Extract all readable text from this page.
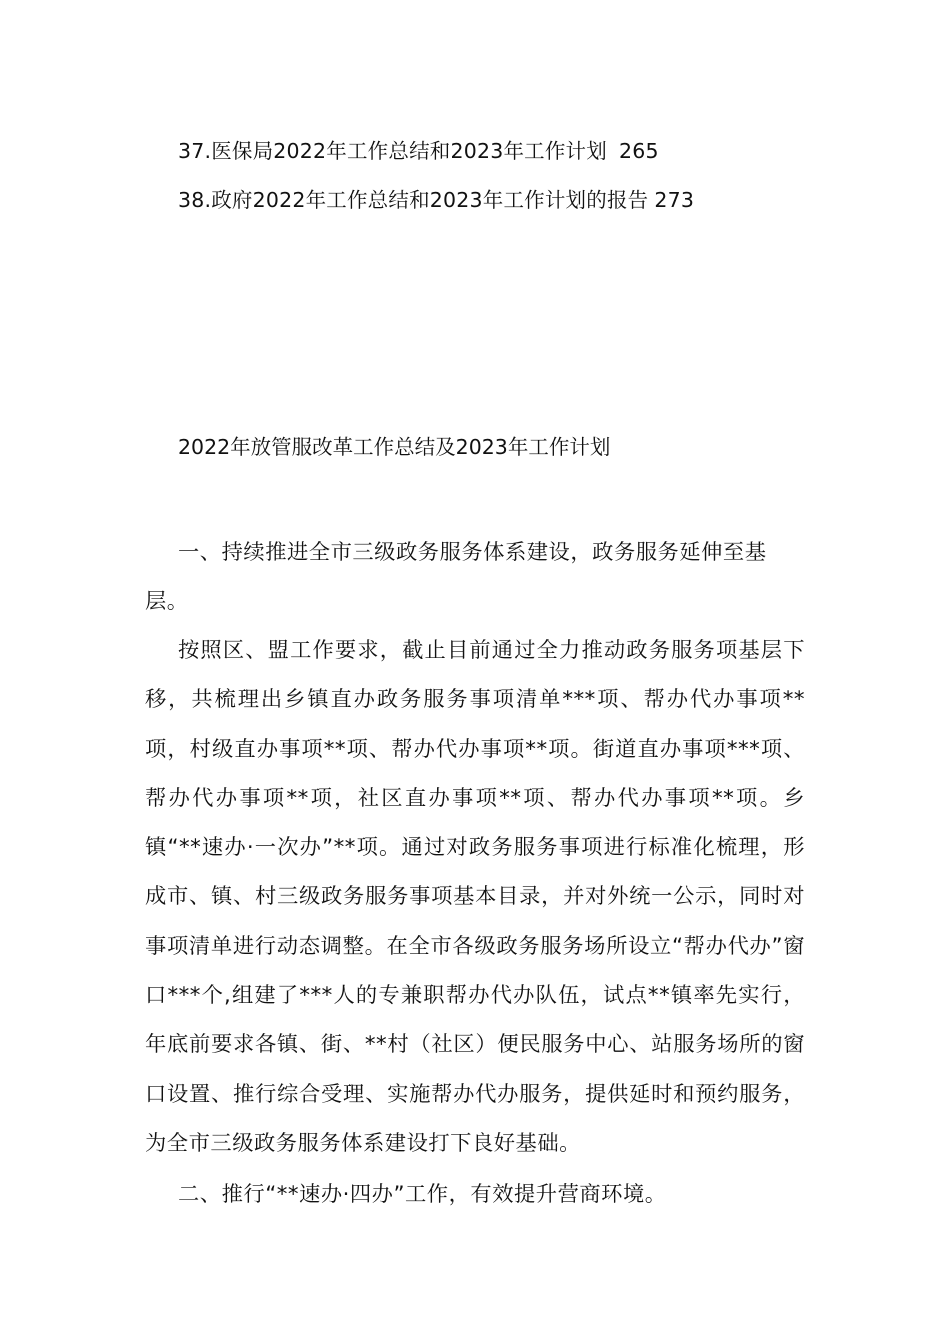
37.医保局2022年工作总结和2023年工作计划 265
38.政府2022年工作总结和2023年工作计划的报告 273
2022年放管服改革工作总结及2023年工作计划

一、持续推进全市三级政务服务体系建设，政务服务延伸至基层。

按照区、盟工作要求，截止目前通过全力推动政务服务项基层下移，共梳理出乡镇直办政务服务事项清单***项、帮办代办事项**项，村级直办事项**项、帮办代办事项**项。街道直办事项***项、帮办代办事项**项，社区直办事项**项、帮办代办事项**项。乡镇“**速办·一次办”**项。通过对政务服务事项进行标准化梳理，形成市、镇、村三级政务服务事项基本目录，并对外统一公示，同时对事项清单进行动态调整。在全市各级政务服务场所设立“帮办代办”窗口***个,组建了***人的专兼职帮办代办队伍，试点**镇率先实行，年底前要求各镇、街、**村（社区）便民服务中心、站服务场所的窗口设置、推行综合受理、实施帮办代办服务，提供延时和预约服务，为全市三级政务服务体系建设打下良好基础。

二、推行“**速办·四办”工作，有效提升营商环境。
